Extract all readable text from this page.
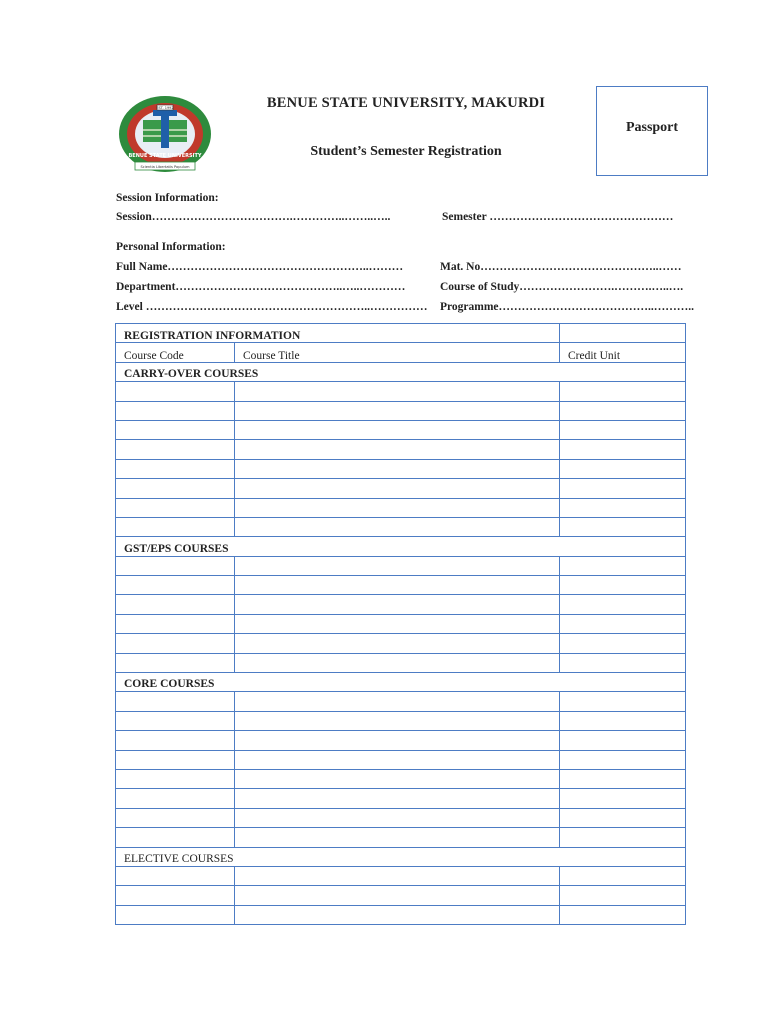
EST. 1992
BENUE STATE UNIVERSITY
Scientia Libertatis Populum
BENUE STATE UNIVERSITY, MAKURDI
Student’s Semester Registration
Passport
Session Information:
Session……………………………….…………..……..…..	Semester …………………………………………
Personal Information:
Full Name……………………………………………..………	Mat. No………………………………………..……
Department……………………………………..…..…………	Course of Study…………………….……….…..….
Level …………………………………………………..…………… Programme…………………………………..………..
REGISTRATION INFORMATION		
Course Code	Course Title	Credit Unit
CARRY-OVER COURSES		

GST/EPS COURSES		

CORE COURSES		

ELECTIVE COURSES		
